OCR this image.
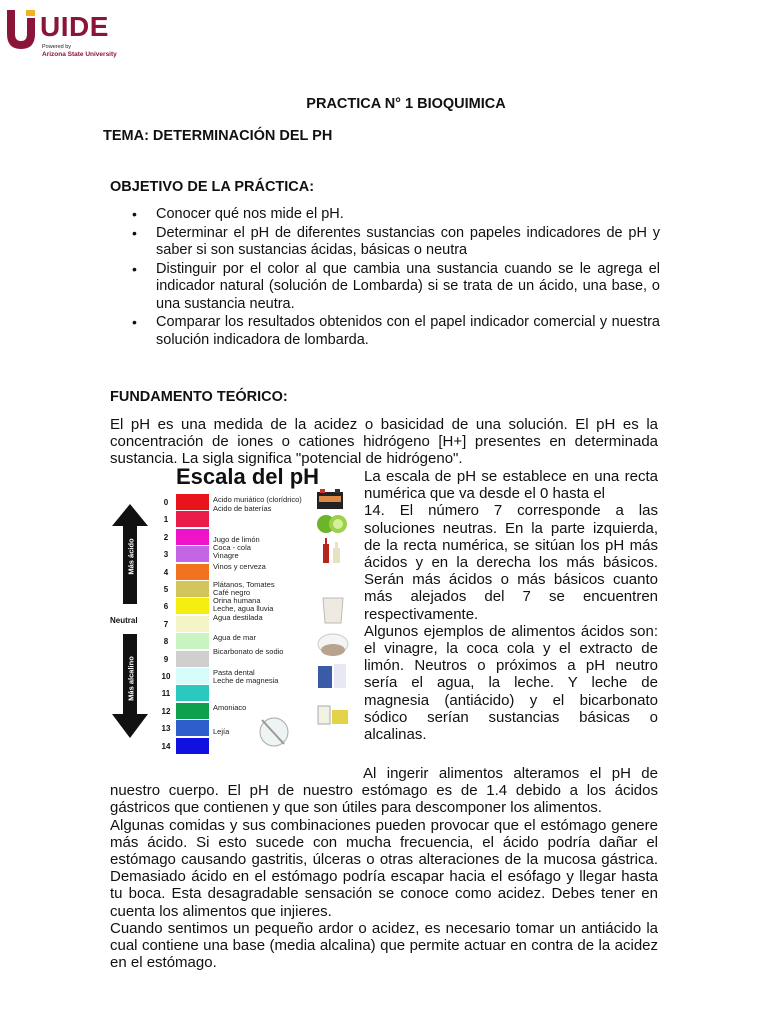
UIDE
Powered by
Arizona State University
PRACTICA N° 1 BIOQUIMICA
TEMA: DETERMINACIÓN DEL PH
OBJETIVO DE LA PRÁCTICA:
• Conocer qué nos mide el pH.
• Determinar el pH de diferentes sustancias con papeles indicadores de pH y saber si son sustancias ácidas, básicas o neutra
• Distinguir por el color al que cambia una sustancia cuando se le agrega el indicador natural (solución de Lombarda) si se trata de un ácido, una base, o una sustancia neutra.
• Comparar los resultados obtenidos con el papel indicador comercial y nuestra solución indicadora de lombarda.
FUNDAMENTO TEÓRICO:

El pH es una medida de la acidez o basicidad de una solución. El pH es la concentración de iones o cationes hidrógeno [H+] presentes en determinada sustancia. La sigla significa "potencial de hidrógeno".

Escala del pH
0
1
2
3
4
5
6
7
8
9
10
11
12
13
14
Acido muriático (clorídrico)
Acido de baterías
Jugo de limón
Coca - cola
Vinagre
Vinos y cerveza
Plátanos, Tomates
Café negro
Orina humana
Leche, agua lluvia
Agua destilada
Agua de mar
Bicarbonato de sodio
Pasta dental
Leche de magnesia
Amoniaco
Lejía
Más ácido
Neutral
Más alcalino

La escala de pH se establece en una recta numérica que va desde el 0 hasta el
14. El número 7 corresponde a las soluciones neutras. En la parte izquierda, de la recta numérica, se sitúan los pH más ácidos y en la derecha los más básicos. Serán más ácidos o más básicos cuanto más alejados del 7 se encuentren respectivamente.
Algunos ejemplos de alimentos ácidos son: el vinagre, la coca cola y el extracto de limón. Neutros o próximos a pH neutro sería el agua, la leche. Y leche de magnesia (antiácido) y el bicarbonato sódico serían sustancias básicas o alcalinas.

Al ingerir alimentos alteramos el pH de nuestro cuerpo. El pH de nuestro estómago es de 1.4 debido a los ácidos gástricos que contienen y que son útiles para descomponer los alimentos.
Algunas comidas y sus combinaciones pueden provocar que el estómago genere más ácido. Si esto sucede con mucha frecuencia, el ácido podría dañar el estómago causando gastritis, úlceras o otras alteraciones de la mucosa gástrica. Demasiado ácido en el estómago podría escapar hacia el esófago y llegar hasta tu boca. Esta desagradable sensación se conoce como acidez. Debes tener en cuenta los alimentos que injieres.
Cuando sentimos un pequeño ardor o acidez, es necesario tomar un antiácido la cual contiene una base (media alcalina) que permite actuar en contra de la acidez en el estómago.
